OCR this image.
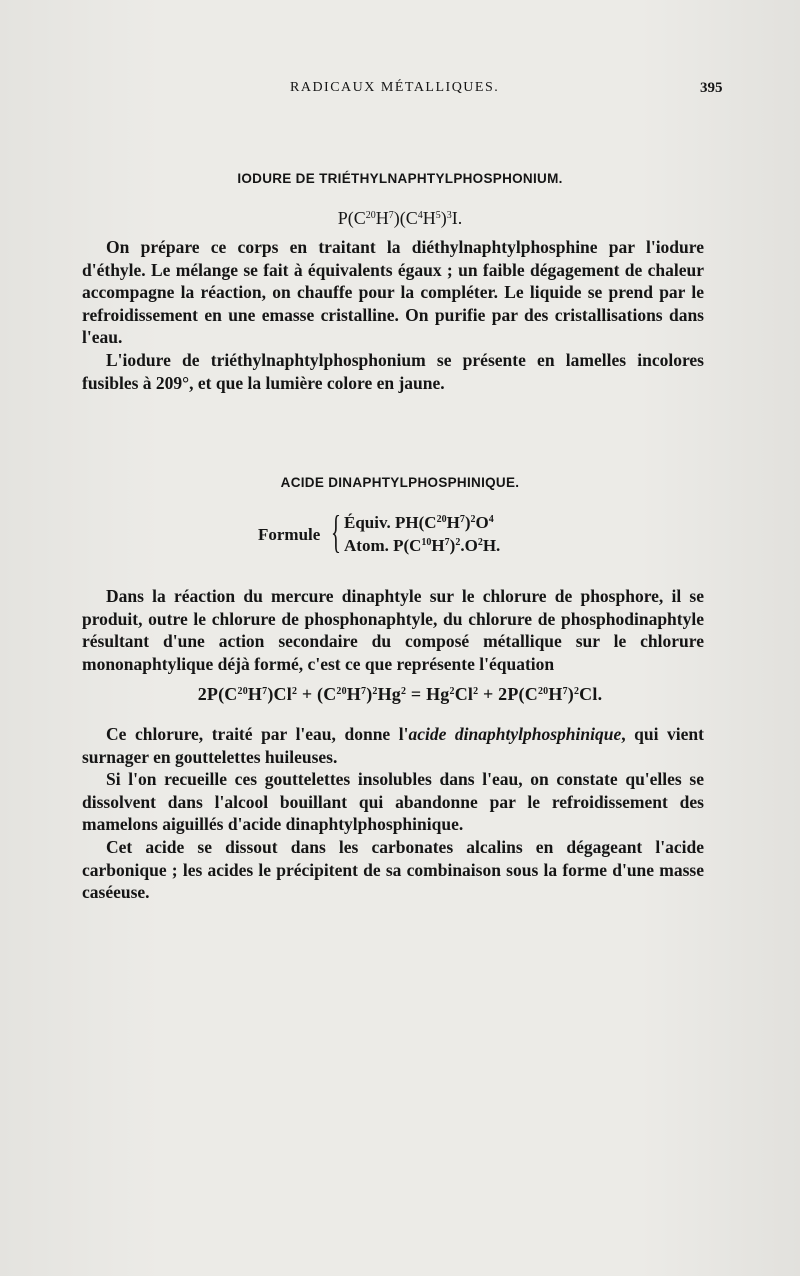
RADICAUX MÉTALLIQUES.	395
IODURE DE TRIÉTHYLNAPHTYLPHOSPHONIUM.
$P(C^{20}H^7)(C^4H^5)^3I$.

On prépare ce corps en traitant la diéthylnaphtylphosphine par l'iodure d'éthyle. Le mélange se fait à équivalents égaux ; un faible dégagement de chaleur accompagne la réaction, on chauffe pour la compléter. Le liquide se prend par le refroidissement en une emasse cristalline. On purifie par des cristallisations dans l'eau.

L'iodure de triéthylnaphtylphosphonium se présente en lamelles incolores fusibles à 209°, et que la lumière colore en jaune.

ACIDE DINAPHTYLPHOSPHINIQUE.
Formule { Équiv. $PH(C^{20}H^7)^2O^4$
Atom. $P(C^{10}H^7)^2.O^2H$.

Dans la réaction du mercure dinaphtyle sur le chlorure de phosphore, il se produit, outre le chlorure de phosphonaphtyle, du chlorure de phosphodinaphtyle résultant d'une action secondaire du composé métallique sur le chlorure mononaphtylique déjà formé, c'est ce que représente l'équation

$2P(C^{20}H^7)Cl^2 + (C^{20}H^7)^2Hg^2 = Hg^2Cl^2 + 2P(C^{20}H^7)^2Cl$.

Ce chlorure, traité par l'eau, donne l'acide dinaphtylphosphinique, qui vient surnager en gouttelettes huileuses.

Si l'on recueille ces gouttelettes insolubles dans l'eau, on constate qu'elles se dissolvent dans l'alcool bouillant qui abandonne par le refroidissement des mamelons aiguillés d'acide dinaphtylphosphinique.

Cet acide se dissout dans les carbonates alcalins en dégageant l'acide carbonique ; les acides le précipitent de sa combinaison sous la forme d'une masse caséeuse.
